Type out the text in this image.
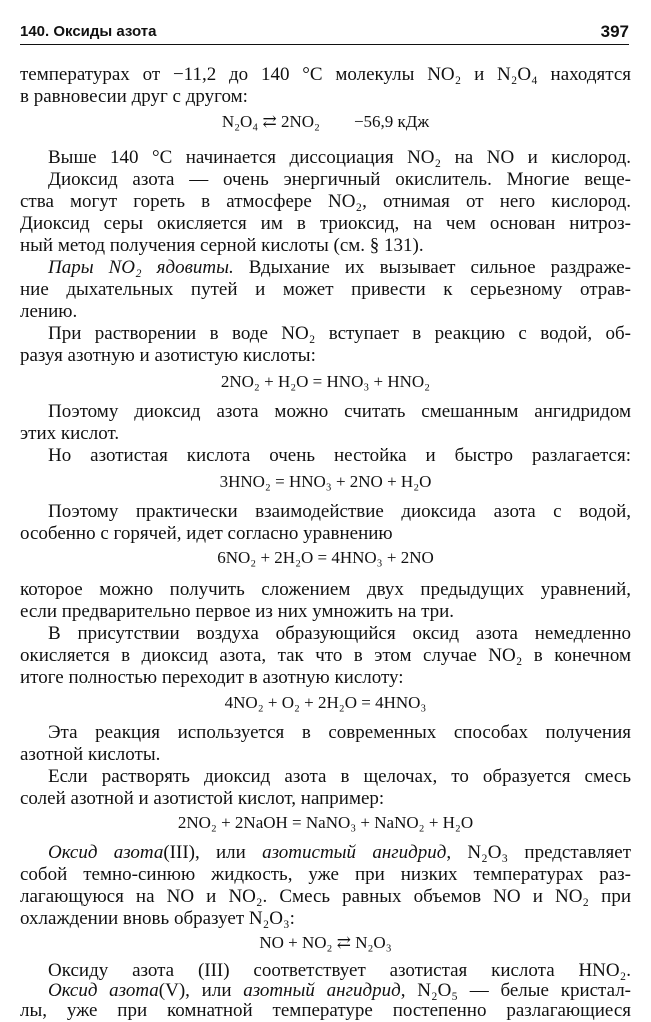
140. Оксиды азота	397
температурах от −11,2 до 140 °С молекулы NO₂ и N₂O₄ находятся
в равновесии друг с другом:
N₂O₄ ⇄ 2NO₂        −56,9 кДж
Выше 140 °С начинается диссоциация NO₂ на NO и кислород.
Диоксид азота — очень энергичный окислитель. Многие веще-
ства могут гореть в атмосфере NO₂, отнимая от него кислород.
Диоксид серы окисляется им в триоксид, на чем основан нитроз-
ный метод получения серной кислоты (см. § 131).
Пары NO₂ ядовиты. Вдыхание их вызывает сильное раздраже-
ние дыхательных путей и может привести к серьезному отрав-
лению.
При растворении в воде NO₂ вступает в реакцию с водой, об-
разуя азотную и азотистую кислоты:
2NO₂ + H₂O = HNO₃ + HNO₂
Поэтому диоксид азота можно считать смешанным ангидридом
этих кислот.
Но азотистая кислота очень нестойка и быстро разлагается:
3HNO₂ = HNO₃ + 2NO + H₂O
Поэтому практически взаимодействие диоксида азота с водой,
особенно с горячей, идет согласно уравнению
6NO₂ + 2H₂O = 4HNO₃ + 2NO
которое можно получить сложением двух предыдущих уравнений,
если предварительно первое из них умножить на три.
В присутствии воздуха образующийся оксид азота немедленно
окисляется в диоксид азота, так что в этом случае NO₂ в конечном
итоге полностью переходит в азотную кислоту:
4NO₂ + O₂ + 2H₂O = 4HNO₃
Эта реакция используется в современных способах получения
азотной кислоты.
Если растворять диоксид азота в щелочах, то образуется смесь
солей азотной и азотистой кислот, например:
2NO₂ + 2NaOH = NaNO₃ + NaNO₂ + H₂O
Оксид азота(III), или азотистый ангидрид, N₂O₃ представляет
собой темно-синюю жидкость, уже при низких температурах раз-
лагающуюся на NO и NO₂. Смесь равных объемов NO и NO₂ при
охлаждении вновь образует N₂O₃:
NO + NO₂ ⇄ N₂O₃
Оксиду азота (III) соответствует азотистая кислота HNO₂.
Оксид азота(V), или азотный ангидрид, N₂O₅ — белые кристал-
лы, уже при комнатной температуре постепенно разлагающиеся
